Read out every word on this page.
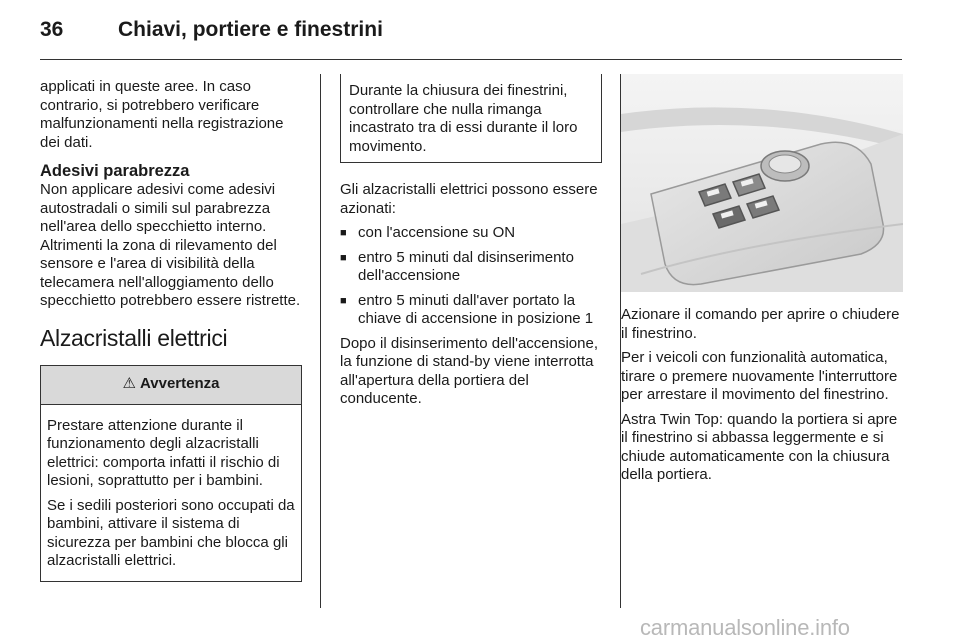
36	Chiavi, portiere e finestrini

applicati in queste aree. In caso contrario, si potrebbero verificare malfunzionamenti nella registrazione dei dati.

Adesivi parabrezza

Non applicare adesivi come adesivi autostradali o simili sul parabrezza nell'area dello specchietto interno. Altrimenti la zona di rilevamento del sensore e l'area di visibilità della telecamera nell'alloggiamento dello specchietto potrebbero essere ristrette.

Alzacristalli elettrici
⚠ Avvertenza

Prestare attenzione durante il funzionamento degli alzacristalli elettrici: comporta infatti il rischio di lesioni, soprattutto per i bambini.

Se i sedili posteriori sono occupati da bambini, attivare il sistema di sicurezza per bambini che blocca gli alzacristalli elettrici.

Durante la chiusura dei finestrini, controllare che nulla rimanga incastrato tra di essi durante il loro movimento.

Gli alzacristalli elettrici possono essere azionati:

■ con l'accensione su ON
■ entro 5 minuti dal disinserimento dell'accensione
■ entro 5 minuti dall'aver portato la chiave di accensione in posizione 1

Dopo il disinserimento dell'accensione, la funzione di stand-by viene interrotta all'apertura della portiera del conducente.

Azionare il comando per aprire o chiudere il finestrino.

Per i veicoli con funzionalità automatica, tirare o premere nuovamente l'interruttore per arrestare il movimento del finestrino.

Astra Twin Top: quando la portiera si apre il finestrino si abbassa leggermente e si chiude automaticamente con la chiusura della portiera.

carmanualsonline.info
